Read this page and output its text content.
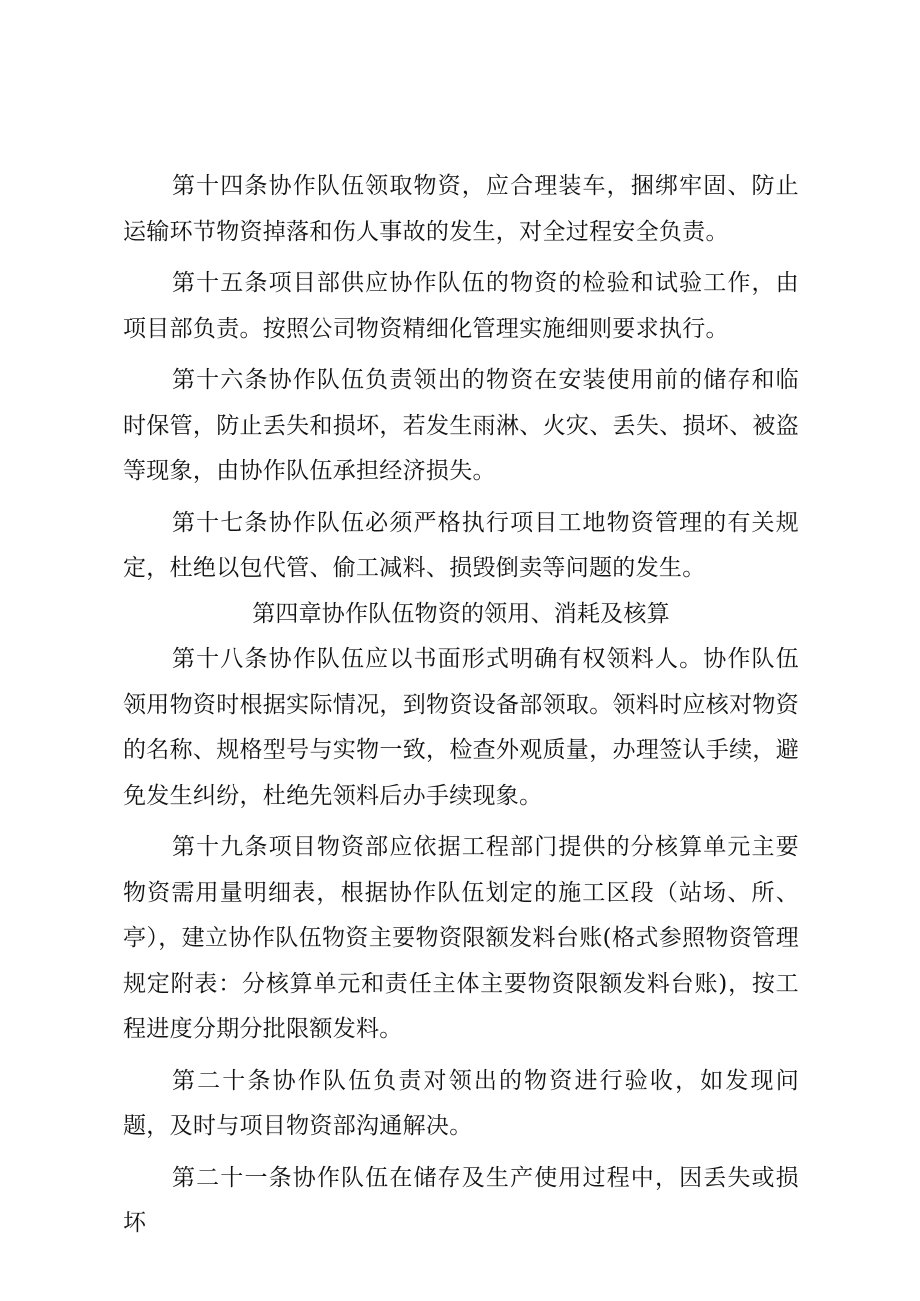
第十四条协作队伍领取物资，应合理装车，捆绑牢固、防止运输环节物资掉落和伤人事故的发生，对全过程安全负责。

第十五条项目部供应协作队伍的物资的检验和试验工作，由项目部负责。按照公司物资精细化管理实施细则要求执行。

第十六条协作队伍负责领出的物资在安装使用前的储存和临时保管，防止丢失和损坏，若发生雨淋、火灾、丢失、损坏、被盗等现象，由协作队伍承担经济损失。

第十七条协作队伍必须严格执行项目工地物资管理的有关规定，杜绝以包代管、偷工减料、损毁倒卖等问题的发生。

第四章协作队伍物资的领用、消耗及核算

第十八条协作队伍应以书面形式明确有权领料人。协作队伍领用物资时根据实际情况，到物资设备部领取。领料时应核对物资的名称、规格型号与实物一致，检查外观质量，办理签认手续，避免发生纠纷，杜绝先领料后办手续现象。

第十九条项目物资部应依据工程部门提供的分核算单元主要物资需用量明细表，根据协作队伍划定的施工区段（站场、所、亭），建立协作队伍物资主要物资限额发料台账(格式参照物资管理规定附表：分核算单元和责任主体主要物资限额发料台账)，按工程进度分期分批限额发料。

第二十条协作队伍负责对领出的物资进行验收，如发现问题，及时与项目物资部沟通解决。

第二十一条协作队伍在储存及生产使用过程中，因丢失或损坏
